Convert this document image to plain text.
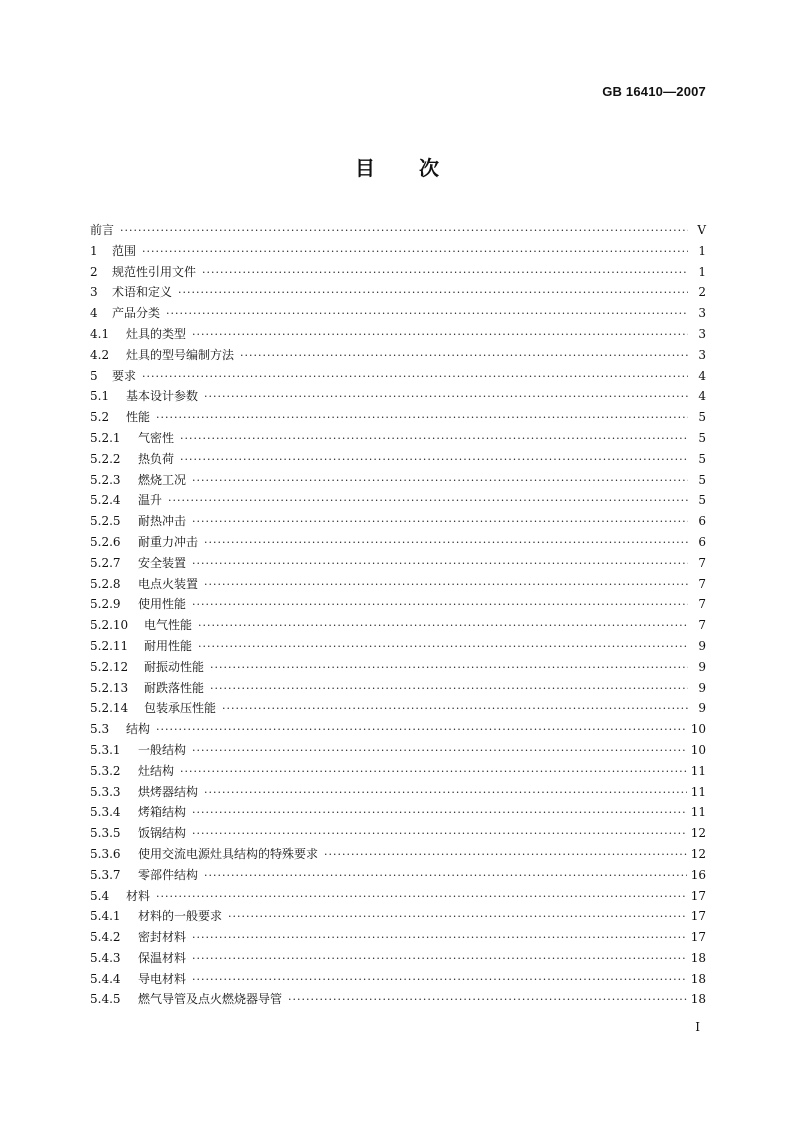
GB 16410—2007
目 次
前言 ·····	V
1	范围 ·····	1
2	规范性引用文件 ·····	1
3	术语和定义 ·····	2
4	产品分类 ·····	3
4.1	灶具的类型 ·····	3
4.2	灶具的型号编制方法 ·····	3
5	要求 ·····	4
5.1	基本设计参数 ·····	4
5.2	性能 ·····	5
5.2.1	气密性 ·····	5
5.2.2	热负荷 ·····	5
5.2.3	燃烧工况 ·····	5
5.2.4	温升 ·····	5
5.2.5	耐热冲击 ·····	6
5.2.6	耐重力冲击 ·····	6
5.2.7	安全装置 ·····	7
5.2.8	电点火装置 ·····	7
5.2.9	使用性能 ·····	7
5.2.10	电气性能 ·····	7
5.2.11	耐用性能 ·····	9
5.2.12	耐振动性能 ·····	9
5.2.13	耐跌落性能 ·····	9
5.2.14	包装承压性能 ·····	9
5.3	结构 ·····	10
5.3.1	一般结构 ·····	10
5.3.2	灶结构 ·····	11
5.3.3	烘烤器结构 ·····	11
5.3.4	烤箱结构 ·····	11
5.3.5	饭锅结构 ·····	12
5.3.6	使用交流电源灶具结构的特殊要求 ·····	12
5.3.7	零部件结构 ·····	16
5.4	材料 ·····	17
5.4.1	材料的一般要求 ·····	17
5.4.2	密封材料 ·····	17
5.4.3	保温材料 ·····	18
5.4.4	导电材料 ·····	18
5.4.5	燃气导管及点火燃烧器导管 ·····	18
I
